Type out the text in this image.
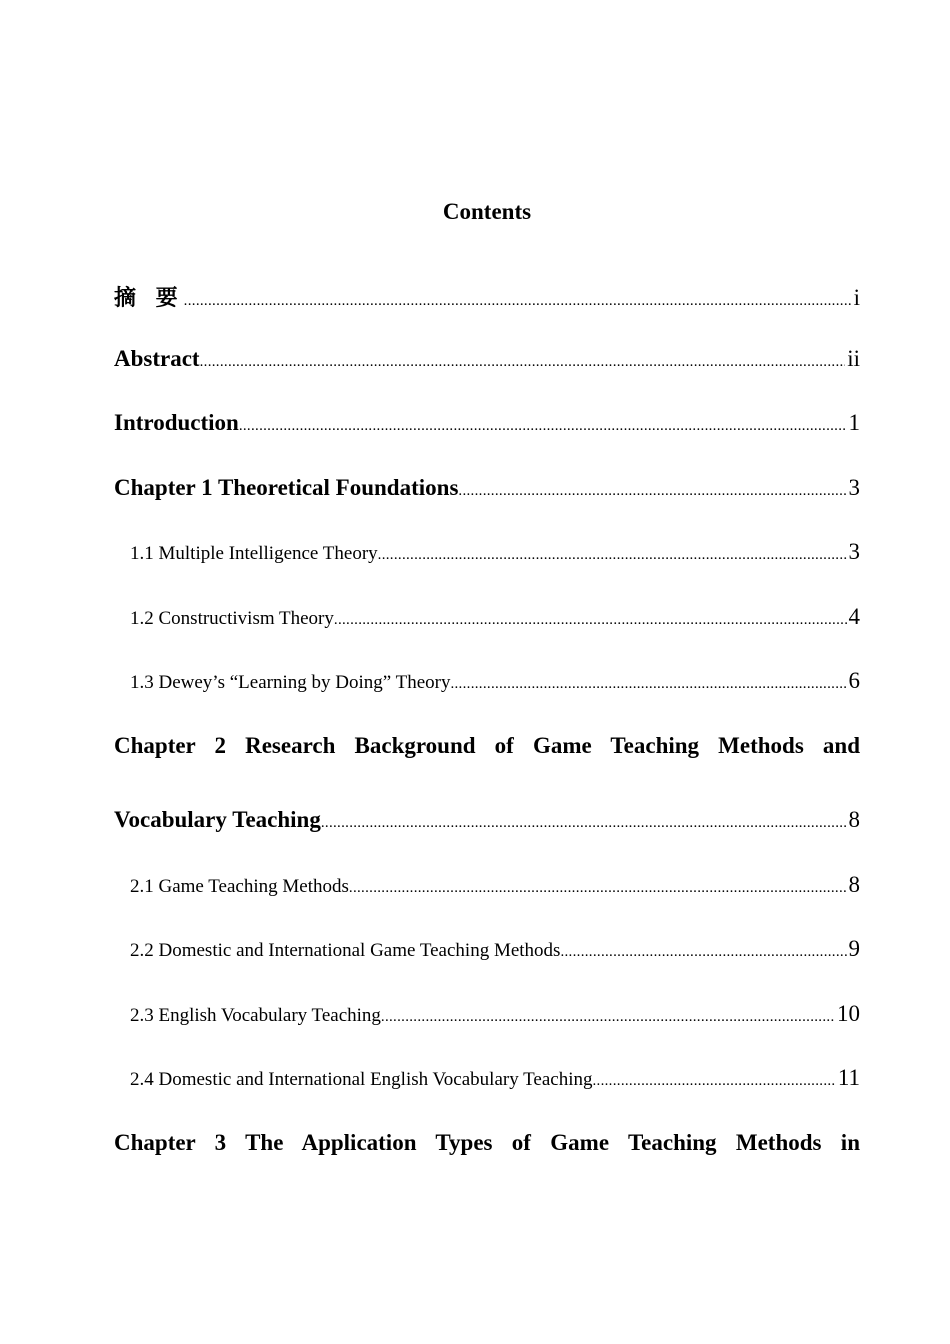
Contents
摘 要 .....	i
Abstract .....	ii
Introduction .....	1
Chapter 1 Theoretical Foundations .....	3
1.1 Multiple Intelligence Theory .....	3
1.2 Constructivism Theory .....	4
1.3 Dewey’s “Learning by Doing” Theory .....	6
Chapter 2 Research Background of Game Teaching Methods and
Vocabulary Teaching .....	8
2.1 Game Teaching Methods .....	8
2.2 Domestic and International Game Teaching Methods .....	9
2.3 English Vocabulary Teaching .....	10
2.4 Domestic and International English Vocabulary Teaching .....	11
Chapter 3 The Application Types of Game Teaching Methods in
